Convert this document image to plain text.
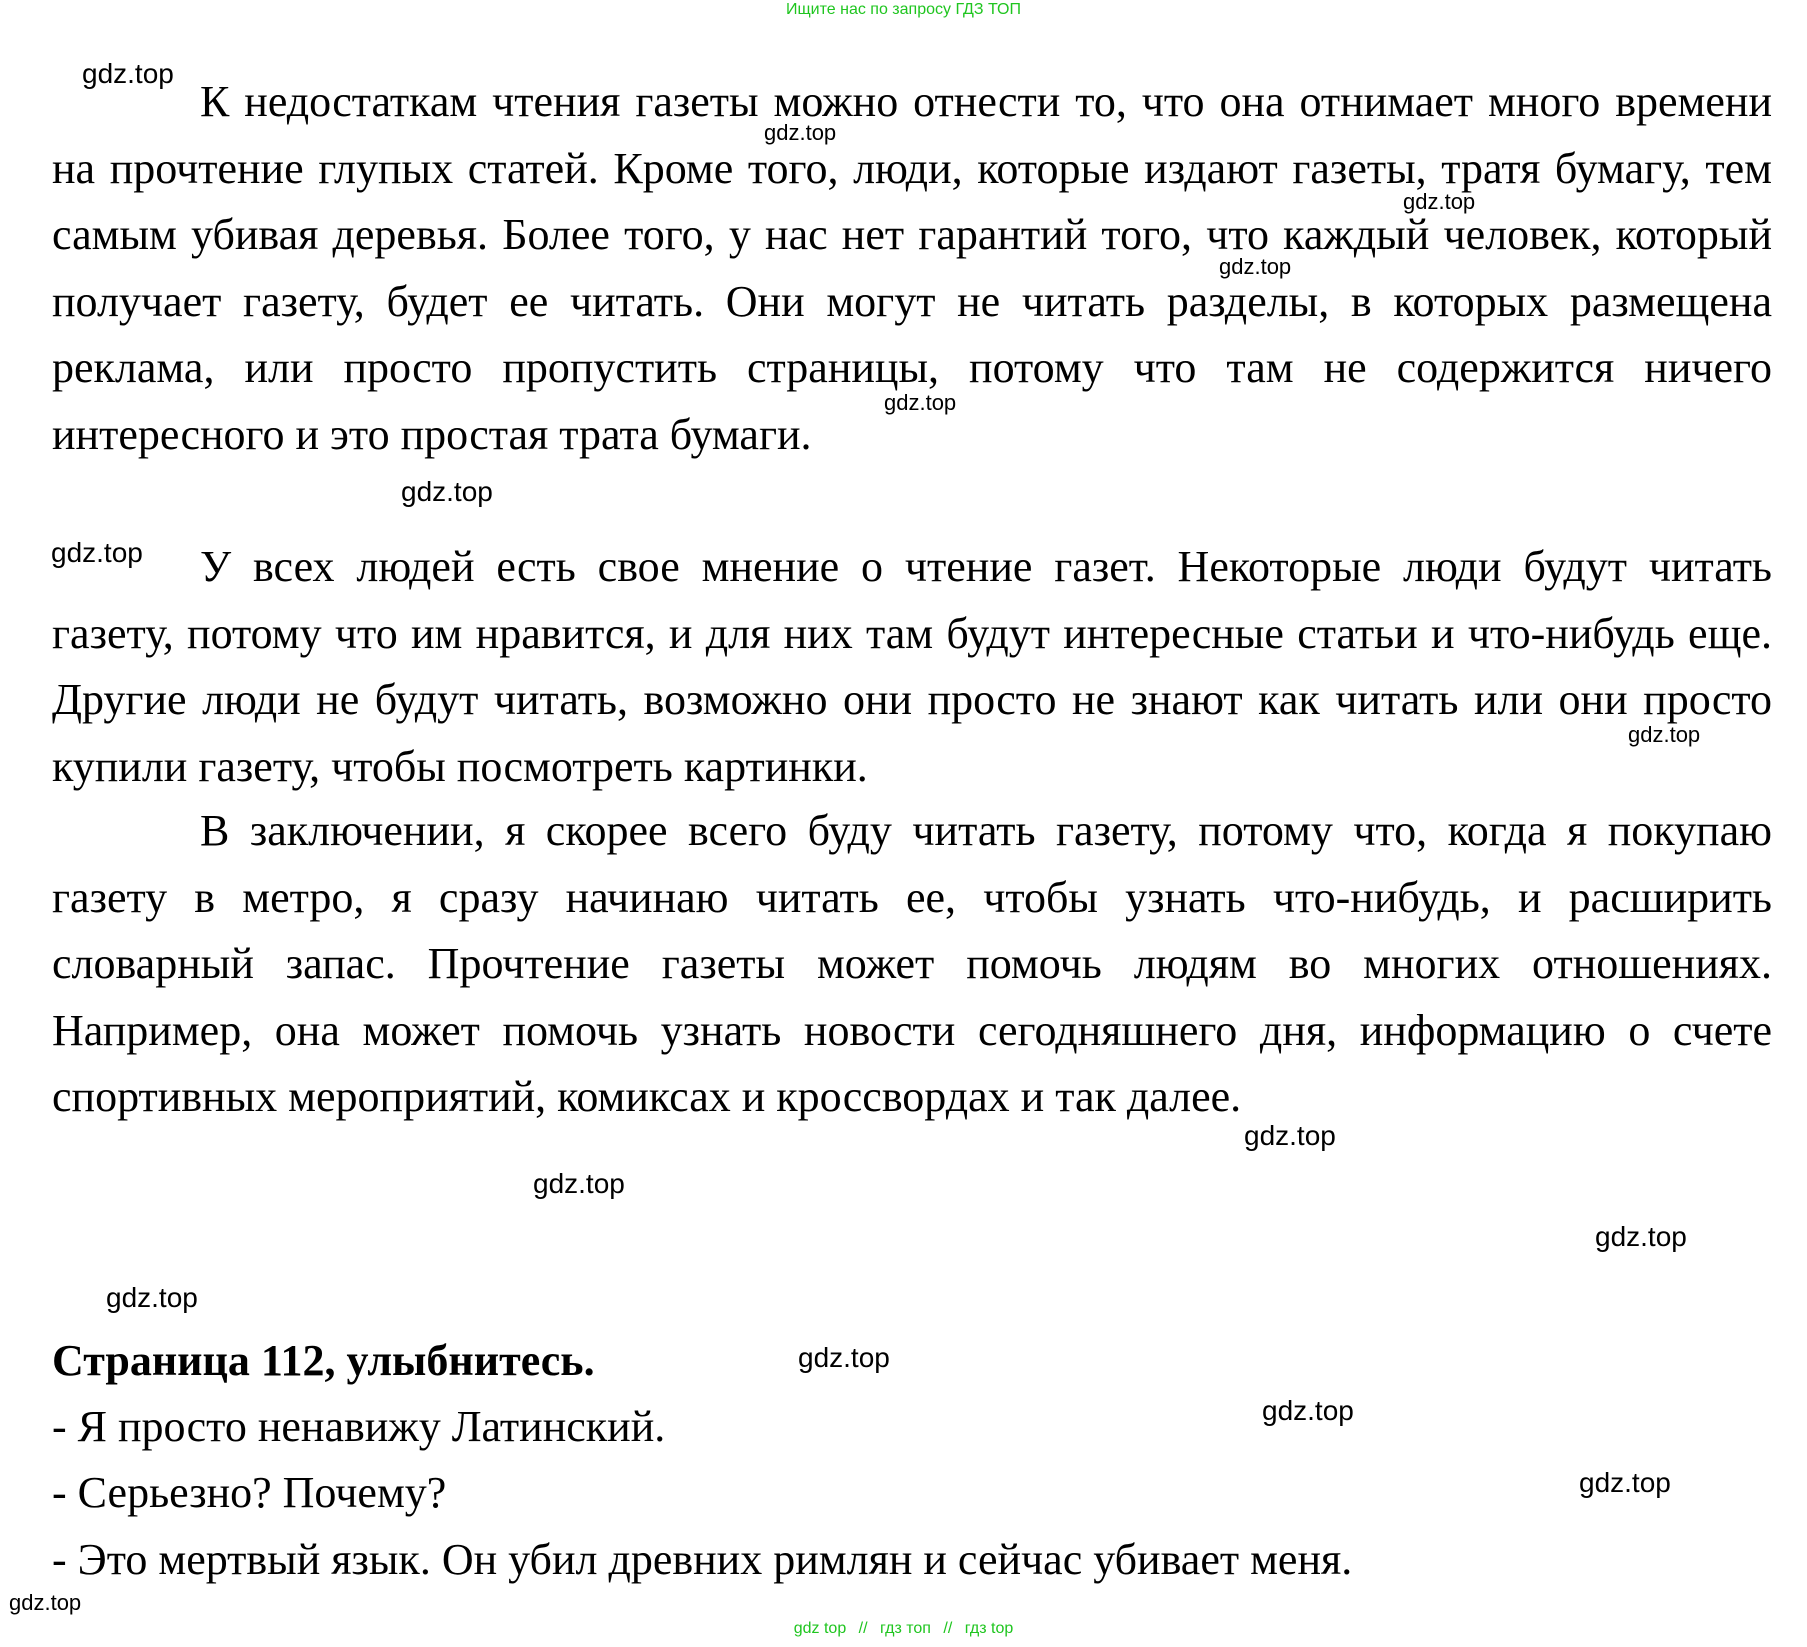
Ищите нас по запросу ГДЗ ТОП

К недостаткам чтения газеты можно отнести то, что она отнимает много времени на прочтение глупых статей. Кроме того, люди, которые издают газеты, тратя бумагу, тем самым убивая деревья. Более того, у нас нет гарантий того, что каждый человек, который получает газету, будет ее читать. Они могут не читать разделы, в которых размещена реклама, или просто пропустить страницы, потому что там не содержится ничего интересного и это простая трата бумаги.

У всех людей есть свое мнение о чтение газет. Некоторые люди будут читать газету, потому что им нравится, и для них там будут интересные статьи и что-нибудь еще. Другие люди не будут читать, возможно они просто не знают как читать или они просто купили газету, чтобы посмотреть картинки.

В заключении, я скорее всего буду читать газету, потому что, когда я покупаю газету в метро, я сразу начинаю читать ее, чтобы узнать что-нибудь, и расширить словарный запас. Прочтение газеты может помочь людям во многих отношениях. Например, она может помочь узнать новости сегодняшнего дня, информацию о счете спортивных мероприятий, комиксах и кроссвордах и так далее.

Страница 112, улыбнитесь.

- Я просто ненавижу Латинский.

- Серьезно? Почему?

- Это мертвый язык. Он убил древних римлян и сейчас убивает меня.

gdz.top
gdz.top
gdz.top
gdz.top
gdz.top
gdz.top
gdz.top
gdz.top
gdz.top
gdz.top
gdz.top
gdz.top
gdz.top
gdz.top
gdz.top
gdz.top
gdz top // гдз топ // гдз top
